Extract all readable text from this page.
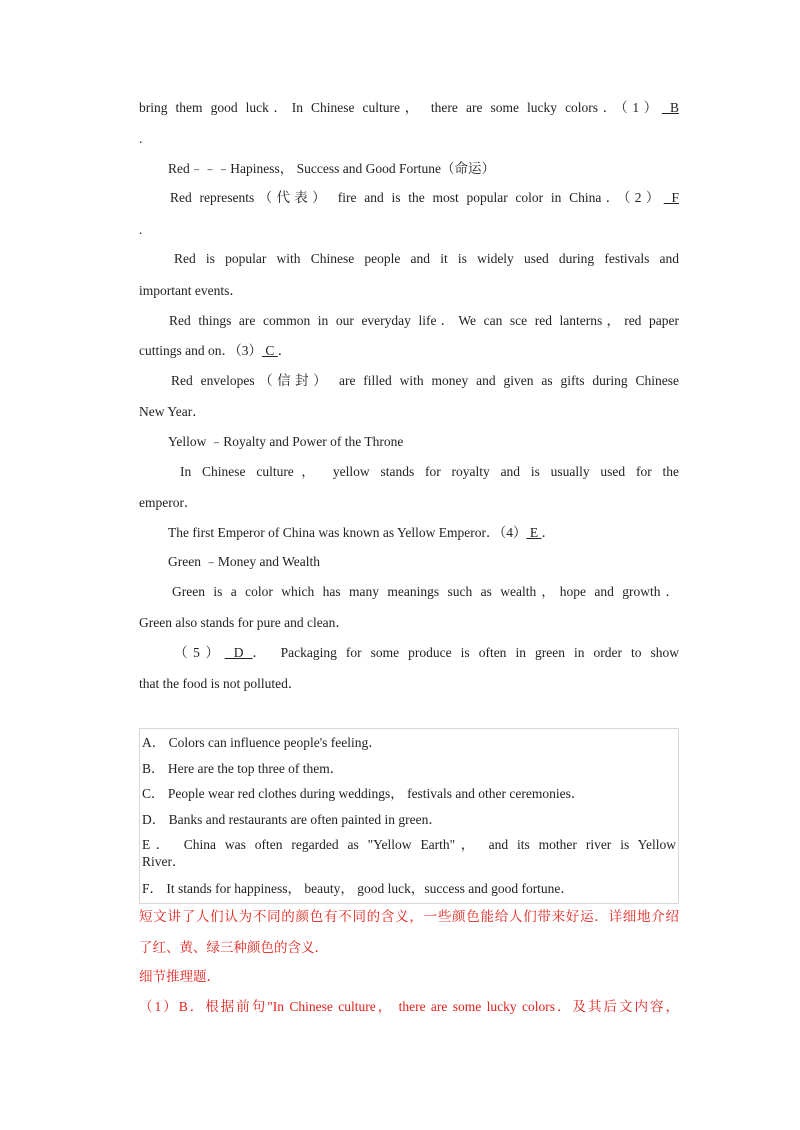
bring them good luck．In Chinese culture， there are some lucky colors．（1） B
.
Red﹣﹣﹣Hapiness， Success and Good Fortune（命运）
Red represents（代表） fire and is the most popular color in China．（2） F
.
Red is popular with Chinese people and it is widely used during festivals and
important events．
Red things are common in our everyday life．We can sce red lanterns，red paper
cuttings and on．（3） C ．
Red envelopes（信封） are filled with money and given as gifts during Chinese
New Year．
Yellow ﹣Royalty and Power of the Throne
In Chinese culture， yellow stands for royalty and is usually used for the
emperor．
The first Emperor of China was known as Yellow Emperor．（4） E ．
Green ﹣Money and Wealth
Green is a color which has many meanings such as wealth，hope and growth．
Green also stands for pure and clean．
（5） D ． Packaging for some produce is often in green in order to show
that the food is not polluted．
A． Colors can influence people's feeling．
B． Here are the top three of them．
C． People wear red clothes during weddings， festivals and other ceremonies．
D． Banks and restaurants are often painted in green．
E． China was often regarded as "Yellow Earth"， and its mother river is Yellow
River．
F． It stands for happiness， beauty， good luck，success and good fortune．
短文讲了人们认为不同的颜色有不同的含义，一些颜色能给人们带来好运．详细地介绍
了红、黄、绿三种颜色的含义．
细节推理题．
（1）B．根据前句"In Chinese culture， there are some lucky colors．及其后文内容，
